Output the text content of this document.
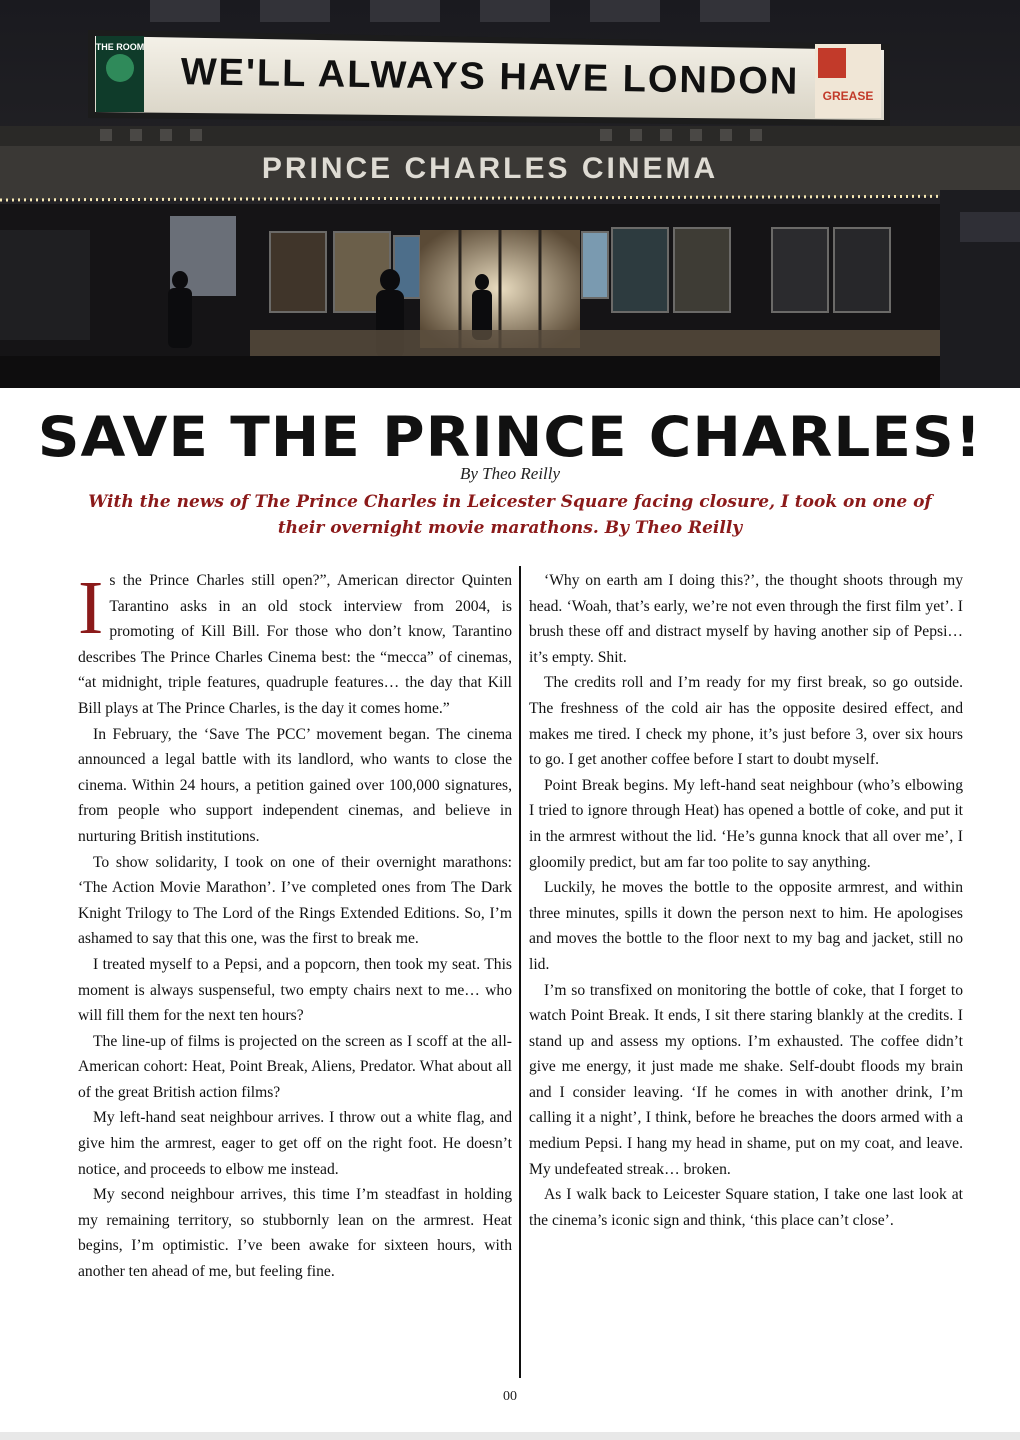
THE ROOM
GREASE
WE'LL ALWAYS HAVE LONDON
PRINCE CHARLES CINEMA
SAVE THE PRINCE CHARLES!
By Theo Reilly
With the news of The Prince Charles in Leicester Square facing closure, I took on one of their overnight movie marathons. By Theo Reilly

Is the Prince Charles still open?”, American director Quinten Tarantino asks in an old stock interview from 2004, is promoting of Kill Bill. For those who don’t know, Tarantino describes The Prince Charles Cinema best: the “mecca” of cinemas, “at midnight, triple features, quadruple features… the day that Kill Bill plays at The Prince Charles, is the day it comes home.”

In February, the ‘Save The PCC’ movement began. The cinema announced a legal battle with its landlord, who wants to close the cinema. Within 24 hours, a petition gained over 100,000 signatures, from people who support independent cinemas, and believe in nurturing British institutions.

To show solidarity, I took on one of their overnight marathons: ‘The Action Movie Marathon’. I’ve completed ones from The Dark Knight Trilogy to The Lord of the Rings Extended Editions. So, I’m ashamed to say that this one, was the first to break me.

I treated myself to a Pepsi, and a popcorn, then took my seat. This moment is always suspenseful, two empty chairs next to me… who will fill them for the next ten hours?

The line-up of films is projected on the screen as I scoff at the all-American cohort: Heat, Point Break, Aliens, Predator. What about all of the great British action films?

My left-hand seat neighbour arrives. I throw out a white flag, and give him the armrest, eager to get off on the right foot. He doesn’t notice, and proceeds to elbow me instead.

My second neighbour arrives, this time I’m steadfast in holding my remaining territory, so stubbornly lean on the armrest. Heat begins, I’m optimistic. I’ve been awake for sixteen hours, with another ten ahead of me, but feeling fine.

‘Why on earth am I doing this?’, the thought shoots through my head. ‘Woah, that’s early, we’re not even through the first film yet’. I brush these off and distract myself by having another sip of Pepsi… it’s empty. Shit.

The credits roll and I’m ready for my first break, so go outside. The freshness of the cold air has the opposite desired effect, and makes me tired. I check my phone, it’s just before 3, over six hours to go. I get another coffee before I start to doubt myself.

Point Break begins. My left-hand seat neighbour (who’s elbowing I tried to ignore through Heat) has opened a bottle of coke, and put it in the armrest without the lid. ‘He’s gunna knock that all over me’, I gloomily predict, but am far too polite to say anything.

Luckily, he moves the bottle to the opposite armrest, and within three minutes, spills it down the person next to him. He apologises and moves the bottle to the floor next to my bag and jacket, still no lid.

I’m so transfixed on monitoring the bottle of coke, that I forget to watch Point Break. It ends, I sit there staring blankly at the credits. I stand up and assess my options. I’m exhausted. The coffee didn’t give me energy, it just made me shake. Self-doubt floods my brain and I consider leaving. ‘If he comes in with another drink, I’m calling it a night’, I think, before he breaches the doors armed with a medium Pepsi. I hang my head in shame, put on my coat, and leave. My undefeated streak… broken.

As I walk back to Leicester Square station, I take one last look at the cinema’s iconic sign and think, ‘this place can’t close’.

00
